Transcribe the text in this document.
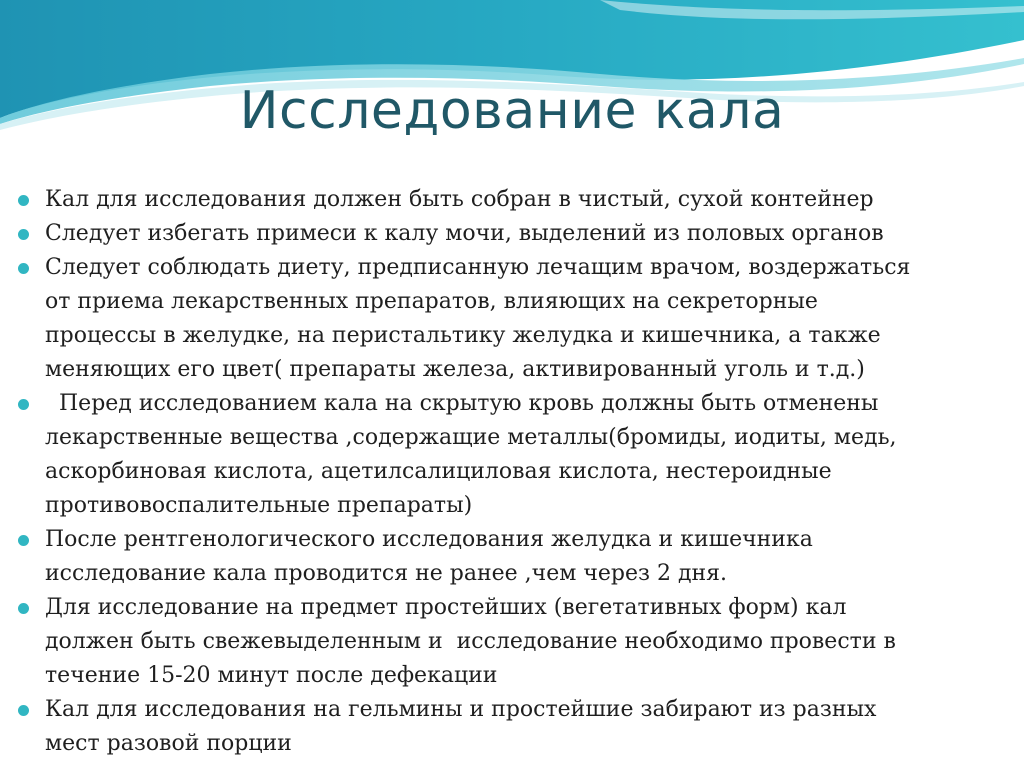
Исследование кала
Кал для исследования должен быть собран в чистый, сухой контейнер
Следует избегать примеси к калу мочи, выделений из половых органов
Следует соблюдать диету, предписанную лечащим врачом, воздержаться
от приема лекарственных препаратов, влияющих на секреторные
процессы в желудке, на перистальтику желудка и кишечника, а также
меняющих его цвет( препараты железа, активированный уголь и т.д.)
Перед исследованием кала на скрытую кровь должны быть отменены
лекарственные вещества ,содержащие металлы(бромиды, иодиты, медь,
аскорбиновая кислота, ацетилсалициловая кислота, нестероидные
противовоспалительные препараты)
После рентгенологического исследования желудка и кишечника
исследование кала проводится не ранее ,чем через 2 дня.
Для исследование на предмет простейших (вегетативных форм) кал
должен быть свежевыделенным и  исследование необходимо провести в
течение 15-20 минут после дефекации
Кал для исследования на гельмины и простейшие забирают из разных
мест разовой порции
